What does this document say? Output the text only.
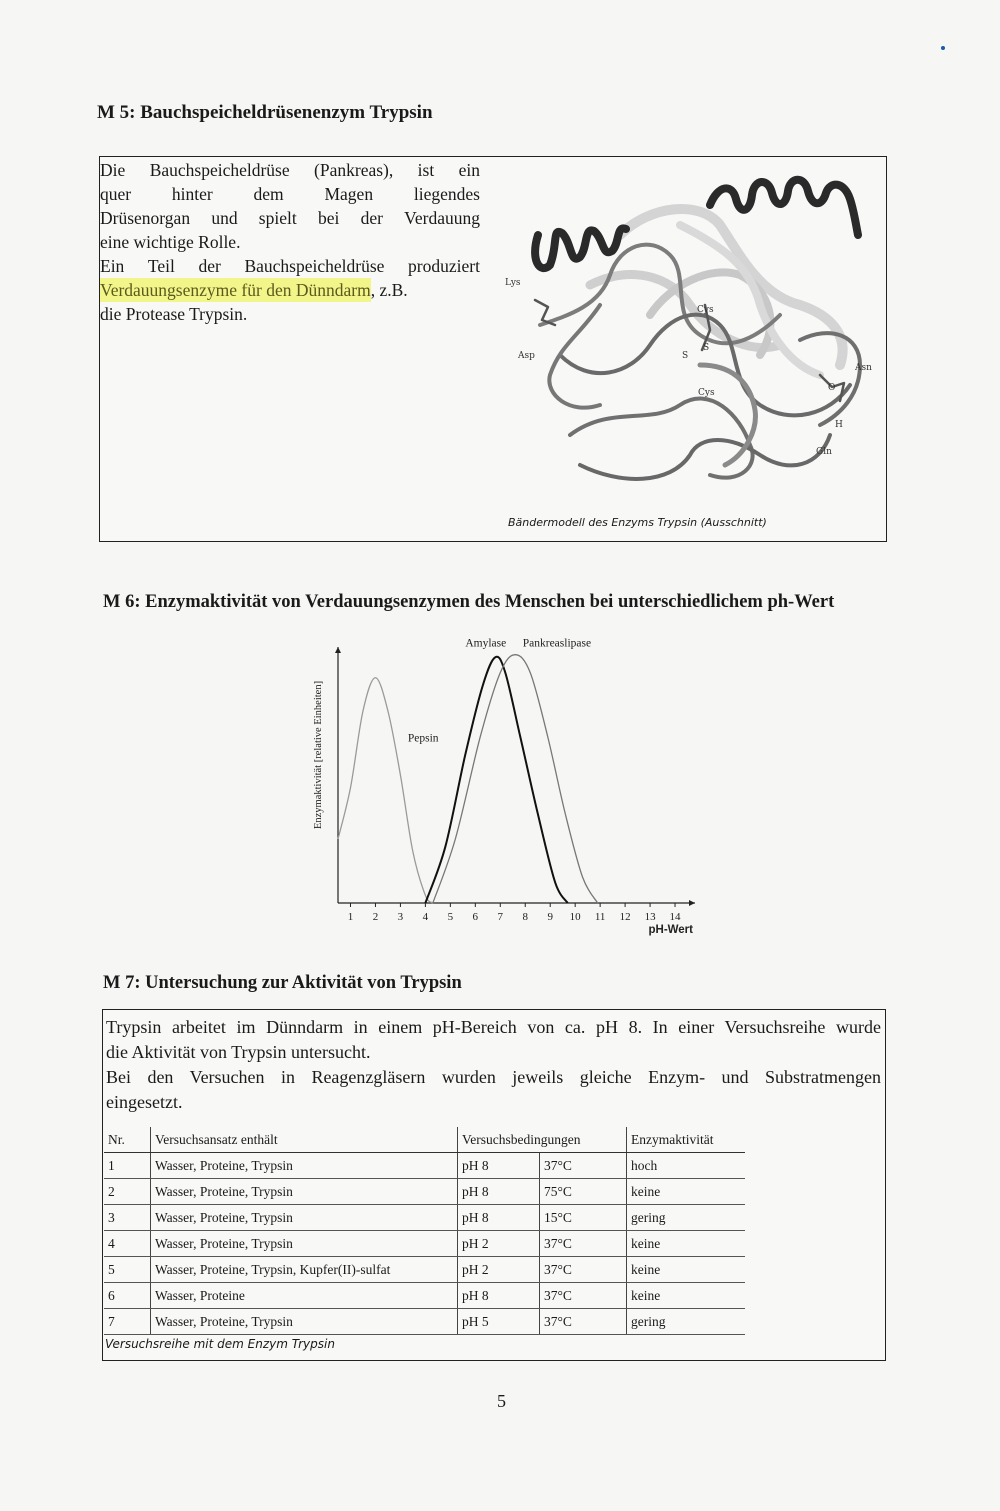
M 5: Bauchspeicheldrüsenenzym Trypsin
Die Bauchspeicheldrüse (Pankreas), ist ein
quer hinter dem Magen liegendes
Drüsenorgan und spielt bei der Verdauung
eine wichtige Rolle.
Ein Teil der Bauchspeicheldrüse produziert
Verdauungsenzyme für den Dünndarm , z.B.
die Protease Trypsin.
Lys
Asp
Cys
S
S
Cys
Asn
O
H
Gln
Bändermodell des Enzyms Trypsin (Ausschnitt)
M 6: Enzymaktivität von Verdauungsenzymen des Menschen bei unterschiedlichem ph-Wert
1 2 3 4 5 6 7 8 9 10 11 12 13 14
pH-Wert
Enzymaktivität [relative Einheiten]	Pepsin
Amylase Pankreaslipase
M 7: Untersuchung zur Aktivität von Trypsin
Trypsin arbeitet im Dünndarm in einem pH-Bereich von ca. pH 8. In einer Versuchsreihe wurde
die Aktivität von Trypsin untersucht.
Bei den Versuchen in Reagenzgläsern wurden jeweils gleiche Enzym- und Substratmengen
eingesetzt.
Nr.	Versuchsansatz enthält	Versuchsbedingungen		Enzymaktivität
1	Wasser, Proteine, Trypsin	pH 8	37°C	hoch
2	Wasser, Proteine, Trypsin	pH 8	75°C	keine
3	Wasser, Proteine, Trypsin	pH 8	15°C	gering
4	Wasser, Proteine, Trypsin	pH 2	37°C	keine
5	Wasser, Proteine, Trypsin, Kupfer(II)-sulfat	pH 2	37°C	keine
6	Wasser, Proteine	pH 8	37°C	keine
7	Wasser, Proteine, Trypsin	pH 5	37°C	gering
Versuchsreihe mit dem Enzym Trypsin
5
